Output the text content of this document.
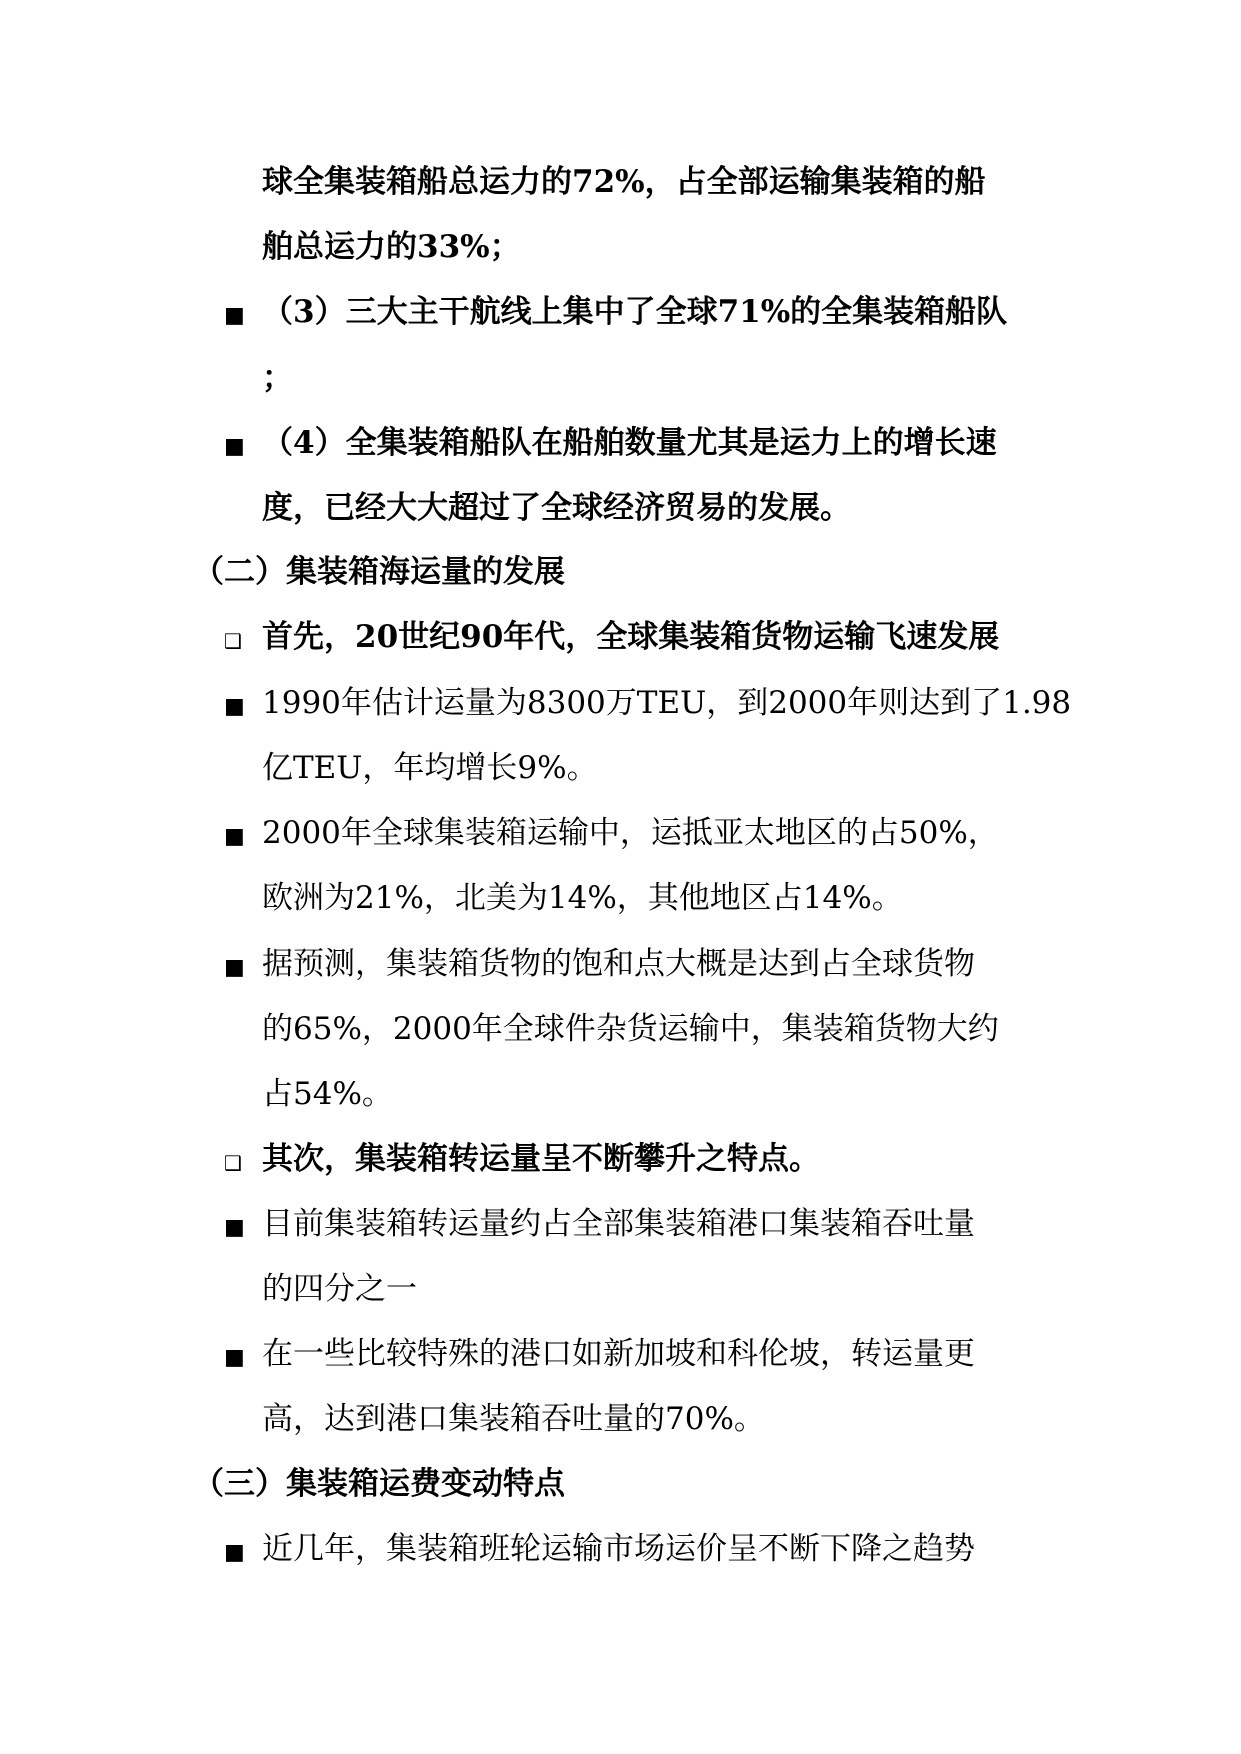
球全集装箱船总运力的72%，占全部运输集装箱的船
舶总运力的33%；
■ （3）三大主干航线上集中了全球71%的全集装箱船队
；
■ （4）全集装箱船队在船舶数量尤其是运力上的增长速
度，已经大大超过了全球经济贸易的发展。
（二）集装箱海运量的发展
❑ 首先，20世纪90年代，全球集装箱货物运输飞速发展
■ 1990年估计运量为8300万TEU，到2000年则达到了1.98
亿TEU，年均增长9%。
■ 2000年全球集装箱运输中，运抵亚太地区的占50%，
欧洲为21%，北美为14%，其他地区占14%。
■ 据预测，集装箱货物的饱和点大概是达到占全球货物
的65%，2000年全球件杂货运输中，集装箱货物大约
占54%。
❑ 其次，集装箱转运量呈不断攀升之特点。
■ 目前集装箱转运量约占全部集装箱港口集装箱吞吐量
的四分之一
■ 在一些比较特殊的港口如新加坡和科伦坡，转运量更
高，达到港口集装箱吞吐量的70%。
（三）集装箱运费变动特点
■ 近几年，集装箱班轮运输市场运价呈不断下降之趋势
